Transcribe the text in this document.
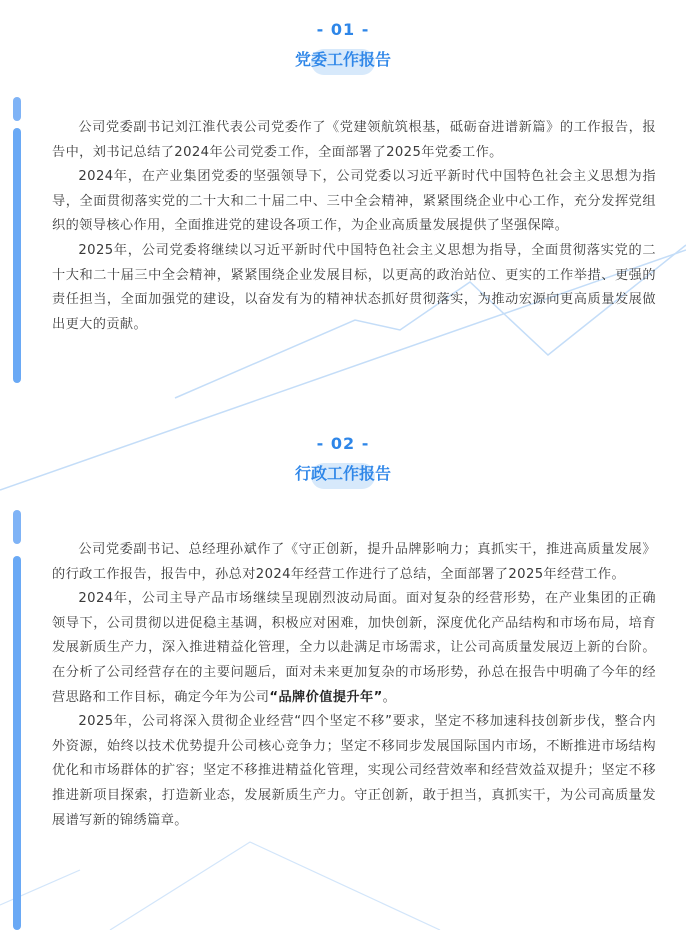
- 01 -
党委工作报告

公司党委副书记刘江淮代表公司党委作了《党建领航筑根基，砥砺奋进谱新篇》的工作报告，报告中，刘书记总结了2024年公司党委工作，全面部署了2025年党委工作。

2024年，在产业集团党委的坚强领导下，公司党委以习近平新时代中国特色社会主义思想为指导，全面贯彻落实党的二十大和二十届二中、三中全会精神，紧紧围绕企业中心工作，充分发挥党组织的领导核心作用，全面推进党的建设各项工作，为企业高质量发展提供了坚强保障。

2025年，公司党委将继续以习近平新时代中国特色社会主义思想为指导，全面贯彻落实党的二十大和二十届三中全会精神，紧紧围绕企业发展目标，以更高的政治站位、更实的工作举措、更强的责任担当，全面加强党的建设，以奋发有为的精神状态抓好贯彻落实，为推动宏源向更高质量发展做出更大的贡献。

- 02 -
行政工作报告

公司党委副书记、总经理孙斌作了《守正创新，提升品牌影响力；真抓实干，推进高质量发展》的行政工作报告，报告中，孙总对2024年经营工作进行了总结，全面部署了2025年经营工作。

2024年，公司主导产品市场继续呈现剧烈波动局面。面对复杂的经营形势，在产业集团的正确领导下，公司贯彻以进促稳主基调，积极应对困难，加快创新，深度优化产品结构和市场布局，培育发展新质生产力，深入推进精益化管理，全力以赴满足市场需求，让公司高质量发展迈上新的台阶。在分析了公司经营存在的主要问题后，面对未来更加复杂的市场形势，孙总在报告中明确了今年的经营思路和工作目标，确定今年为公司“品牌价值提升年”。

2025年，公司将深入贯彻企业经营“四个坚定不移”要求，坚定不移加速科技创新步伐，整合内外资源，始终以技术优势提升公司核心竞争力；坚定不移同步发展国际国内市场，不断推进市场结构优化和市场群体的扩容；坚定不移推进精益化管理，实现公司经营效率和经营效益双提升；坚定不移推进新项目探索，打造新业态，发展新质生产力。守正创新，敢于担当，真抓实干，为公司高质量发展谱写新的锦绣篇章。
